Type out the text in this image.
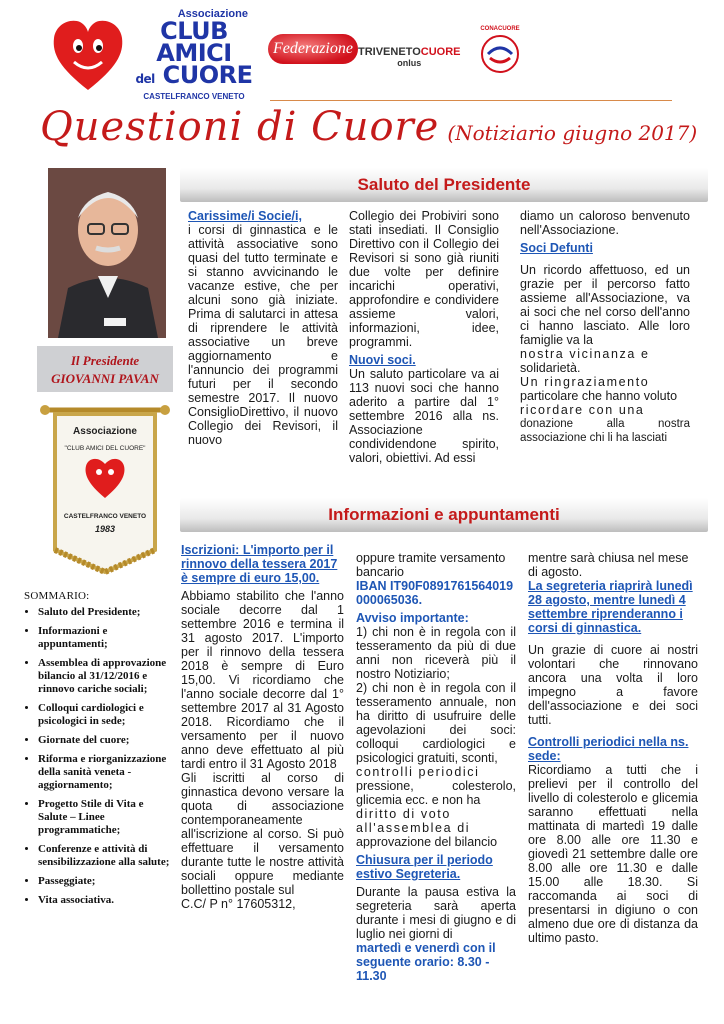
Associazione
CLUB
AMICI
del CUORE
CASTELFRANCO VENETO
Federazione TRIVENETOCUORE
onlus
CONACUORE
Questioni di Cuore (Notiziario giugno 2017)
Il Presidente
GIOVANNI PAVAN
Associazione
"CLUB AMICI DEL CUORE"
CASTELFRANCO VENETO
1983
SOMMARIO:
• Saluto del Presidente;
• Informazioni e appuntamenti;
• Assemblea di approvazione bilancio al 31/12/2016 e rinnovo cariche sociali;
• Colloqui cardiologici e psicologici in sede;
• Giornate del cuore;
• Riforma e riorganizzazione della sanità veneta - aggiornamento;
• Progetto Stile di Vita e Salute – Linee programmatiche;
• Conferenze e attività di sensibilizzazione alla salute;
• Passeggiate;
• Vita associativa.
Saluto del Presidente
Carissime/i Socie/i,

i corsi di ginnastica e le attività associative sono quasi del tutto terminate e si stanno avvicinando le vacanze estive, che per alcuni sono già iniziate. Prima di salutarci in attesa di riprendere le attività associative un breve aggiornamento e l'annuncio dei programmi futuri per il secondo semestre 2017. Il nuovo ConsiglioDirettivo, il nuovo Collegio dei Revisori, il nuovo

Collegio dei Probiviri sono stati insediati. Il Consiglio Direttivo con il Collegio dei Revisori si sono già riuniti due volte per definire incarichi operativi, approfondire e condividere assieme valori, informazioni, idee, programmi.

Nuovi soci.

Un saluto particolare va ai 113 nuovi soci che hanno aderito a partire dal 1° settembre 2016 alla ns. Associazione condividendone spirito, valori, obiettivi. Ad essi

diamo un caloroso benvenuto nell'Associazione.

Soci Defunti

Un ricordo affettuoso, ed un grazie per il percorso fatto assieme all'Associazione, va ai soci che nel corso dell'anno ci hanno lasciato. Alle loro famiglie va la

nostra vicinanza e

solidarietà.

Un ringraziamento

particolare che hanno voluto

ricordare con una

donazione alla nostra associazione chi li ha lasciati

Informazioni e appuntamenti
Iscrizioni: L'importo per il rinnovo della tessera 2017 è sempre di euro 15,00.

Abbiamo stabilito che l'anno sociale decorre dal 1 settembre 2016 e termina il 31 agosto 2017. L'importo per il rinnovo della tessera 2018 è sempre di Euro 15,00. Vi ricordiamo che l'anno sociale decorre dal 1° settembre 2017 al 31 Agosto 2018. Ricordiamo che il versamento per il nuovo anno deve effettuato al più tardi entro il 31 Agosto 2018

Gli iscritti al corso di ginnastica devono versare la quota di associazione contemporaneamente all'iscrizione al corso. Si può effettuare il versamento durante tutte le nostre attività sociali oppure mediante bollettino postale sul

C.C/ P n° 17605312,

oppure tramite versamento bancario

IBAN IT90F0891761564019000065036.
Avviso importante:

1) chi non è in regola con il tesseramento da più di due anni non riceverà più il nostro Notiziario;

2) chi non è in regola con il tesseramento annuale, non ha diritto di usufruire delle agevolazioni dei soci: colloqui cardiologici e psicologici gratuiti, sconti,

controlli periodici

pressione, colesterolo, glicemia ecc. e non ha

diritto di voto

all'assemblea di

approvazione del bilancio

Chiusura per il periodo estivo Segreteria.

Durante la pausa estiva la segreteria sarà aperta durante i mesi di giugno e di luglio nei giorni di

martedì e venerdì con il seguente orario: 8.30 - 11.30

mentre sarà chiusa nel mese di agosto.

La segreteria riaprirà lunedì 28 agosto, mentre lunedì 4 settembre riprenderanno i corsi di ginnastica.

Un grazie di cuore ai nostri volontari che rinnovano ancora una volta il loro impegno a favore dell'associazione e dei soci tutti.

Controlli periodici nella ns. sede:

Ricordiamo a tutti che i prelievi per il controllo del livello di colesterolo e glicemia saranno effettuati nella mattinata di martedì 19 dalle ore 8.00 alle ore 11.30 e giovedì 21 settembre dalle ore 8.00 alle ore 11.30 e dalle 15.00 alle 18.30. Si raccomanda ai soci di presentarsi in digiuno o con almeno due ore di distanza da ultimo pasto.
